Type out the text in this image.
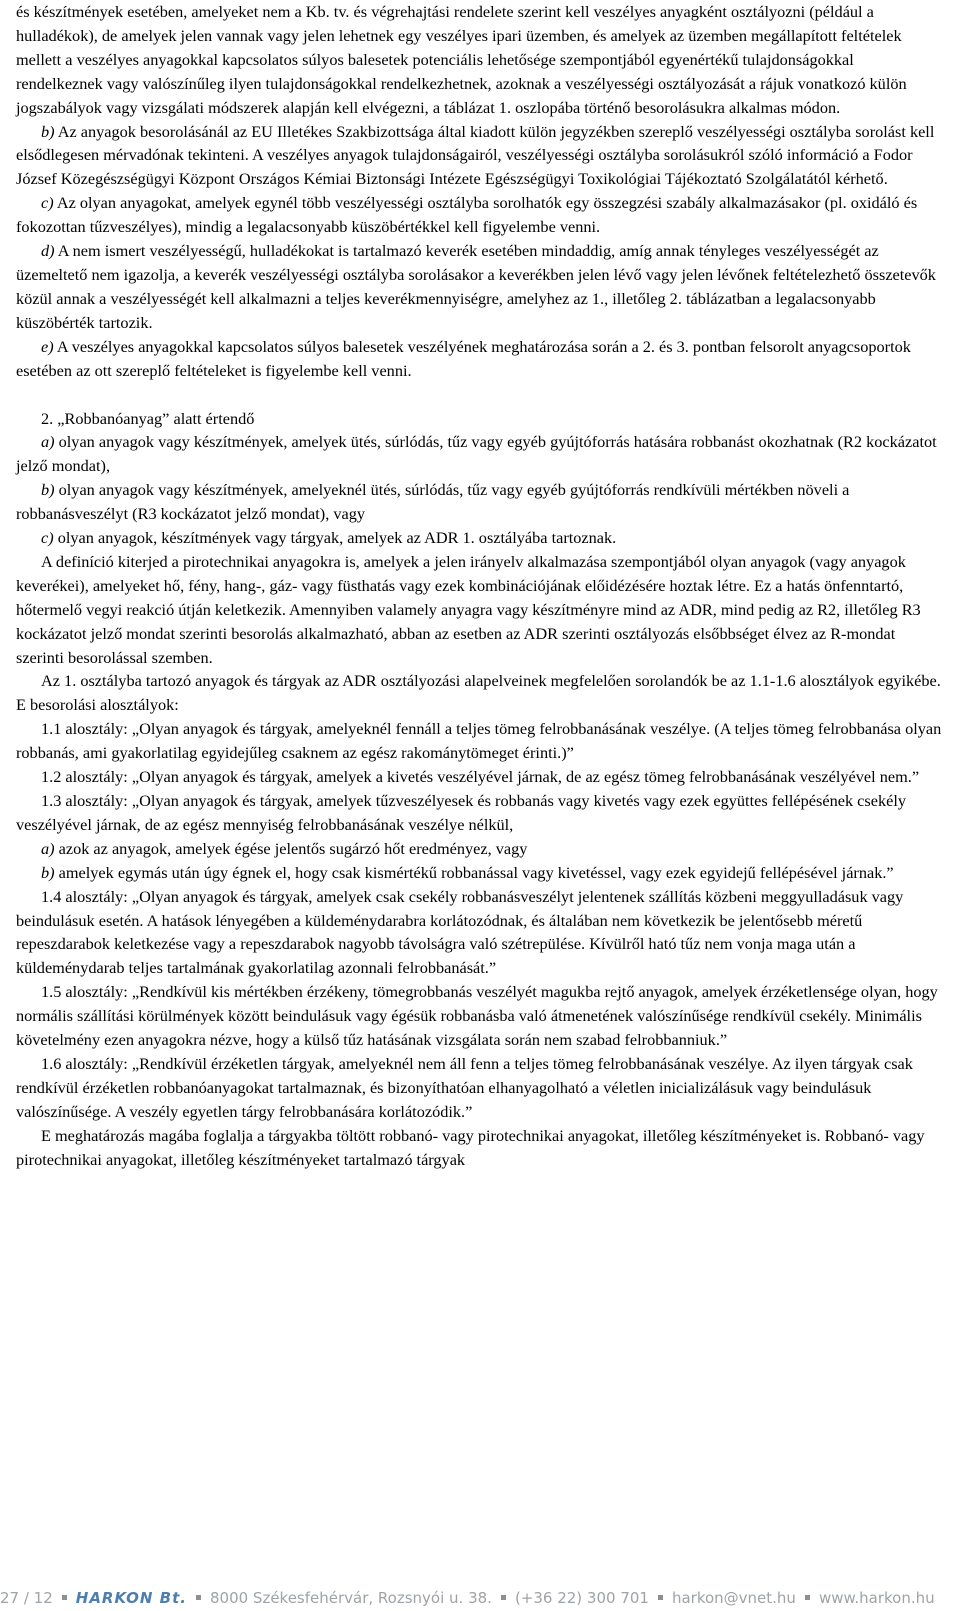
és készítmények esetében, amelyeket nem a Kb. tv. és végrehajtási rendelete szerint kell veszélyes anyagként osztályozni (például a hulladékok), de amelyek jelen vannak vagy jelen lehetnek egy veszélyes ipari üzemben, és amelyek az üzemben megállapított feltételek mellett a veszélyes anyagokkal kapcsolatos súlyos balesetek potenciális lehetősége szempontjából egyenértékű tulajdonságokkal rendelkeznek vagy valószínűleg ilyen tulajdonságokkal rendelkezhetnek, azoknak a veszélyességi osztályozását a rájuk vonatkozó külön jogszabályok vagy vizsgálati módszerek alapján kell elvégezni, a táblázat 1. oszlopába történő besorolásukra alkalmas módon.

b) Az anyagok besorolásánál az EU Illetékes Szakbizottsága által kiadott külön jegyzékben szereplő veszélyességi osztályba sorolást kell elsődlegesen mérvadónak tekinteni. A veszélyes anyagok tulajdonságairól, veszélyességi osztályba sorolásukról szóló információ a Fodor József Közegészségügyi Központ Országos Kémiai Biztonsági Intézete Egészségügyi Toxikológiai Tájékoztató Szolgálatától kérhető.

c) Az olyan anyagokat, amelyek egynél több veszélyességi osztályba sorolhatók egy összegzési szabály alkalmazásakor (pl. oxidáló és fokozottan tűzveszélyes), mindig a legalacsonyabb küszöbértékkel kell figyelembe venni.

d) A nem ismert veszélyességű, hulladékokat is tartalmazó keverék esetében mindaddig, amíg annak tényleges veszélyességét az üzemeltető nem igazolja, a keverék veszélyességi osztályba sorolásakor a keverékben jelen lévő vagy jelen lévőnek feltételezhető összetevők közül annak a veszélyességét kell alkalmazni a teljes keverékmennyiségre, amelyhez az 1., illetőleg 2. táblázatban a legalacsonyabb küszöbérték tartozik.

e) A veszélyes anyagokkal kapcsolatos súlyos balesetek veszélyének meghatározása során a 2. és 3. pontban felsorolt anyagcsoportok esetében az ott szereplő feltételeket is figyelembe kell venni.

2. „Robbanóanyag” alatt értendő

a) olyan anyagok vagy készítmények, amelyek ütés, súrlódás, tűz vagy egyéb gyújtóforrás hatására robbanást okozhatnak (R2 kockázatot jelző mondat),

b) olyan anyagok vagy készítmények, amelyeknél ütés, súrlódás, tűz vagy egyéb gyújtóforrás rendkívüli mértékben növeli a robbanásveszélyt (R3 kockázatot jelző mondat), vagy

c) olyan anyagok, készítmények vagy tárgyak, amelyek az ADR 1. osztályába tartoznak.

A definíció kiterjed a pirotechnikai anyagokra is, amelyek a jelen irányelv alkalmazása szempontjából olyan anyagok (vagy anyagok keverékei), amelyeket hő, fény, hang-, gáz- vagy füsthatás vagy ezek kombinációjának előidézésére hoztak létre. Ez a hatás önfenntartó, hőtermelő vegyi reakció útján keletkezik. Amennyiben valamely anyagra vagy készítményre mind az ADR, mind pedig az R2, illetőleg R3 kockázatot jelző mondat szerinti besorolás alkalmazható, abban az esetben az ADR szerinti osztályozás elsőbbséget élvez az R-mondat szerinti besorolással szemben.

Az 1. osztályba tartozó anyagok és tárgyak az ADR osztályozási alapelveinek megfelelően sorolandók be az 1.1-1.6 alosztályok egyikébe. E besorolási alosztályok:

1.1 alosztály: „Olyan anyagok és tárgyak, amelyeknél fennáll a teljes tömeg felrobbanásának veszélye. (A teljes tömeg felrobbanása olyan robbanás, ami gyakorlatilag egyidejűleg csaknem az egész rakománytömeget érinti.)”

1.2 alosztály: „Olyan anyagok és tárgyak, amelyek a kivetés veszélyével járnak, de az egész tömeg felrobbanásának veszélyével nem.”

1.3 alosztály: „Olyan anyagok és tárgyak, amelyek tűzveszélyesek és robbanás vagy kivetés vagy ezek együttes fellépésének csekély veszélyével járnak, de az egész mennyiség felrobbanásának veszélye nélkül,

a) azok az anyagok, amelyek égése jelentős sugárzó hőt eredményez, vagy

b) amelyek egymás után úgy égnek el, hogy csak kismértékű robbanással vagy kivetéssel, vagy ezek egyidejű fellépésével járnak.”

1.4 alosztály: „Olyan anyagok és tárgyak, amelyek csak csekély robbanásveszélyt jelentenek szállítás közbeni meggyulladásuk vagy beindulásuk esetén. A hatások lényegében a küldeménydarabra korlátozódnak, és általában nem következik be jelentősebb méretű repeszdarabok keletkezése vagy a repeszdarabok nagyobb távolságra való szétrepülése. Kívülről ható tűz nem vonja maga után a küldeménydarab teljes tartalmának gyakorlatilag azonnali felrobbanását.”

1.5 alosztály: „Rendkívül kis mértékben érzékeny, tömegrobbanás veszélyét magukba rejtő anyagok, amelyek érzéketlensége olyan, hogy normális szállítási körülmények között beindulásuk vagy égésük robbanásba való átmenetének valószínűsége rendkívül csekély. Minimális követelmény ezen anyagokra nézve, hogy a külső tűz hatásának vizsgálata során nem szabad felrobbanniuk.”

1.6 alosztály: „Rendkívül érzéketlen tárgyak, amelyeknél nem áll fenn a teljes tömeg felrobbanásának veszélye. Az ilyen tárgyak csak rendkívül érzéketlen robbanóanyagokat tartalmaznak, és bizonyíthatóan elhanyagolható a véletlen inicializálásuk vagy beindulásuk valószínűsége. A veszély egyetlen tárgy felrobbanására korlátozódik.”

E meghatározás magába foglalja a tárgyakba töltött robbanó- vagy pirotechnikai anyagokat, illetőleg készítményeket is. Robbanó- vagy pirotechnikai anyagokat, illetőleg készítményeket tartalmazó tárgyak

27 / 12 HARKON Bt. 8000 Székesfehérvár, Rozsnyói u. 38. (+36 22) 300 701 harkon@vnet.hu www.harkon.hu
